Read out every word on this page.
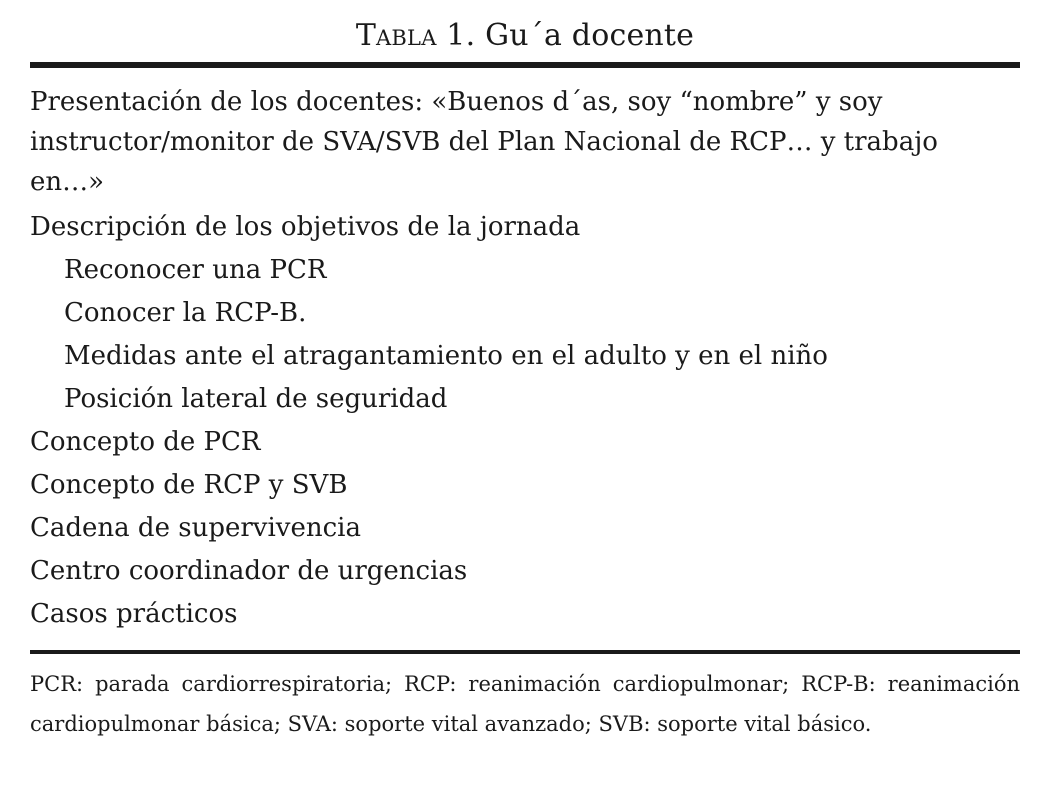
Tabla 1. Gu´a docente
Presentación de los docentes: «Buenos d´as, soy “nombre” y soy instructor/monitor de SVA/SVB del Plan Nacional de RCP… y trabajo en…»
Descripción de los objetivos de la jornada
Reconocer una PCR
Conocer la RCP-B.
Medidas ante el atragantamiento en el adulto y en el niño
Posición lateral de seguridad
Concepto de PCR
Concepto de RCP y SVB
Cadena de supervivencia
Centro coordinador de urgencias
Casos prácticos
PCR: parada cardiorrespiratoria; RCP: reanimación cardiopulmonar; RCP-B: reanimación cardiopulmonar básica; SVA: soporte vital avanzado; SVB: soporte vital básico.
